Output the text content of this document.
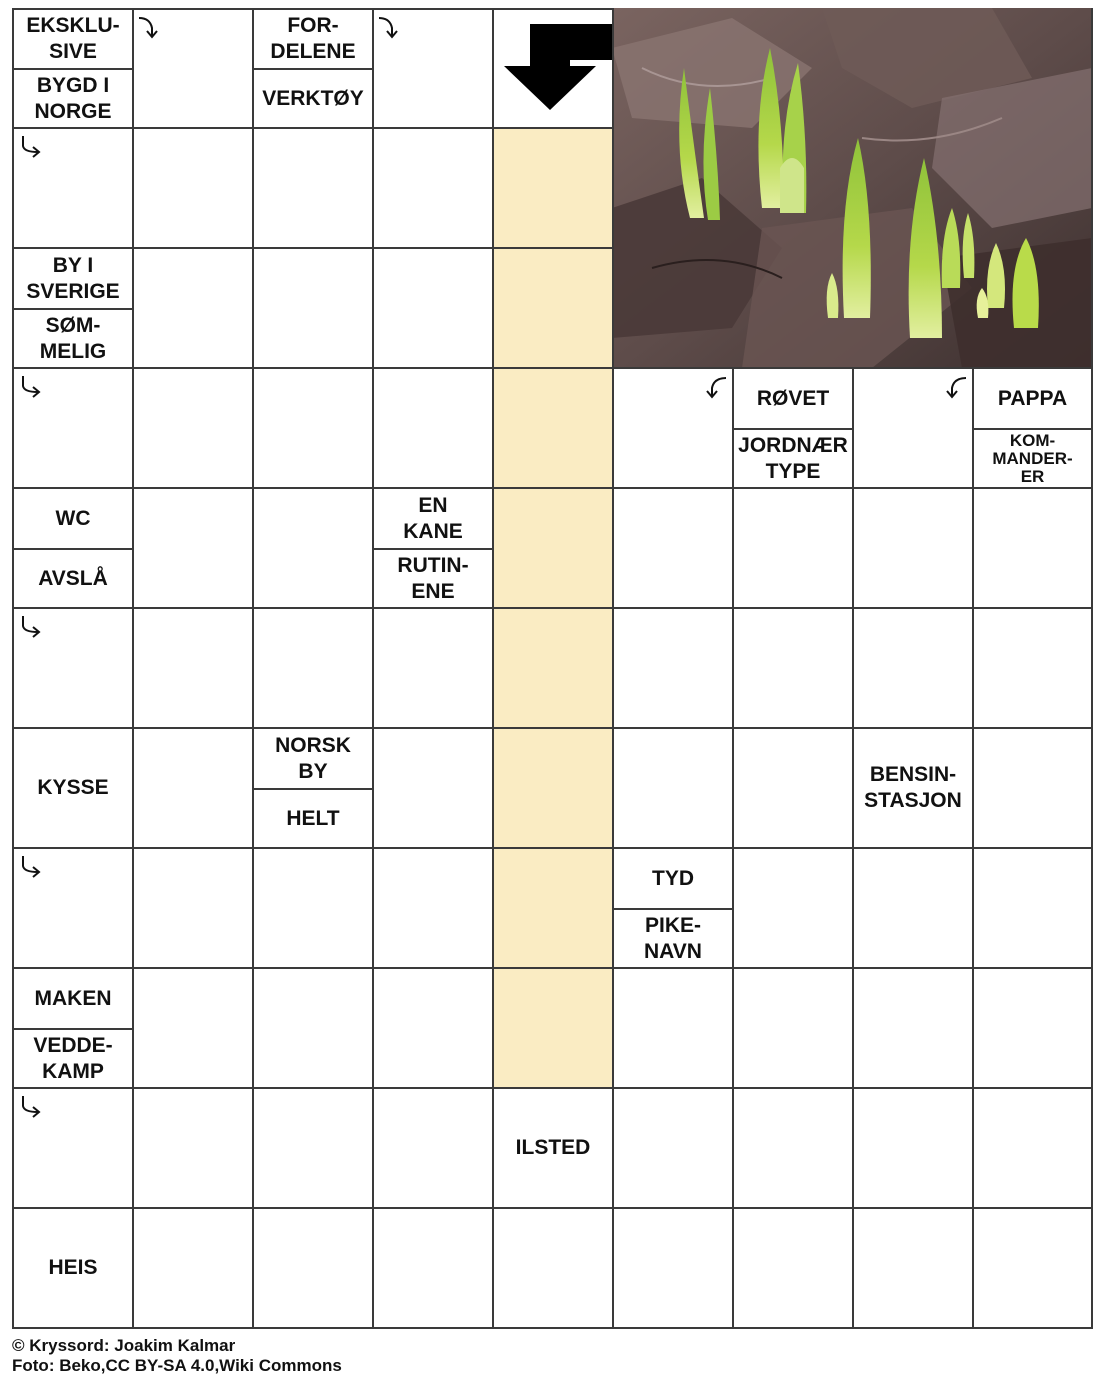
EKSKLU-
SIVE
BYGD I
NORGE
FOR-
DELENE
VERKTØY
BY I
SVERIGE
SØM-
MELIG
RØVET
JORDNÆR
TYPE
PAPPA
KOM-
MANDER-
ER
WC
AVSLÅ
EN
KANE
RUTIN-
ENE
KYSSE
NORSK
BY
HELT
BENSIN-
STASJON
TYD
PIKE-
NAVN
MAKEN
VEDDE-
KAMP
ILSTED
HEIS
© Kryssord: Joakim Kalmar
Foto: Beko,CC BY-SA 4.0,Wiki Commons
